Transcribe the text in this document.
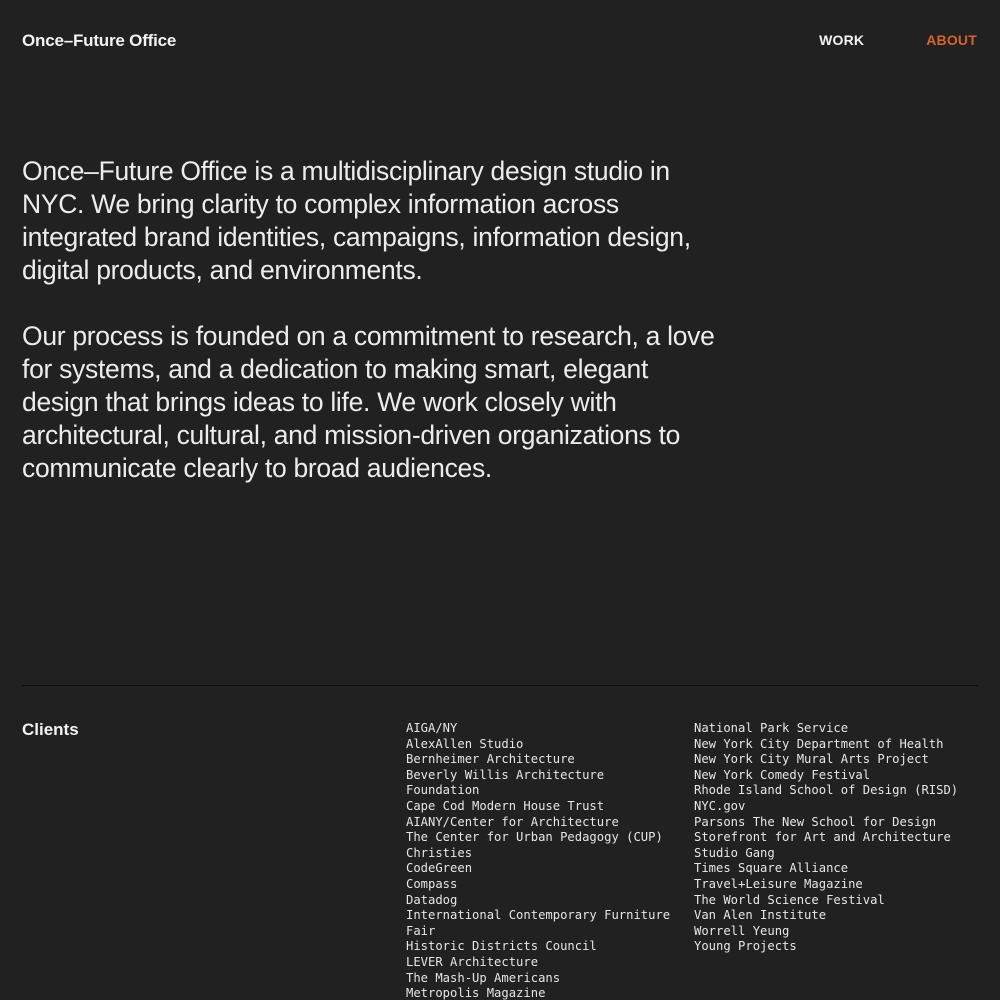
Once–Future Office	WORK	ABOUT

Once–Future Office is a multidisciplinary design studio in NYC. We bring clarity to complex information across integrated brand identities, campaigns, information design, digital products, and environments.

Our process is founded on a commitment to research, a love for systems, and a dedication to making smart, elegant design that brings ideas to life. We work closely with architectural, cultural, and mission-driven organizations to communicate clearly to broad audiences.

Clients	AIGA/NY
AlexAllen Studio
Bernheimer Architecture
Beverly Willis Architecture
Foundation
Cape Cod Modern House Trust
AIANY/Center for Architecture
The Center for Urban Pedagogy (CUP)
Christies
CodeGreen
Compass
Datadog
International Contemporary Furniture
Fair
Historic Districts Council
LEVER Architecture
The Mash-Up Americans
Metropolis Magazine
National Park Service
New York City Department of Health
New York City Mural Arts Project
New York Comedy Festival
Rhode Island School of Design (RISD)
NYC.gov
Parsons The New School for Design
Storefront for Art and Architecture
Studio Gang
Times Square Alliance
Travel+Leisure Magazine
The World Science Festival
Van Alen Institute
Worrell Yeung
Young Projects
